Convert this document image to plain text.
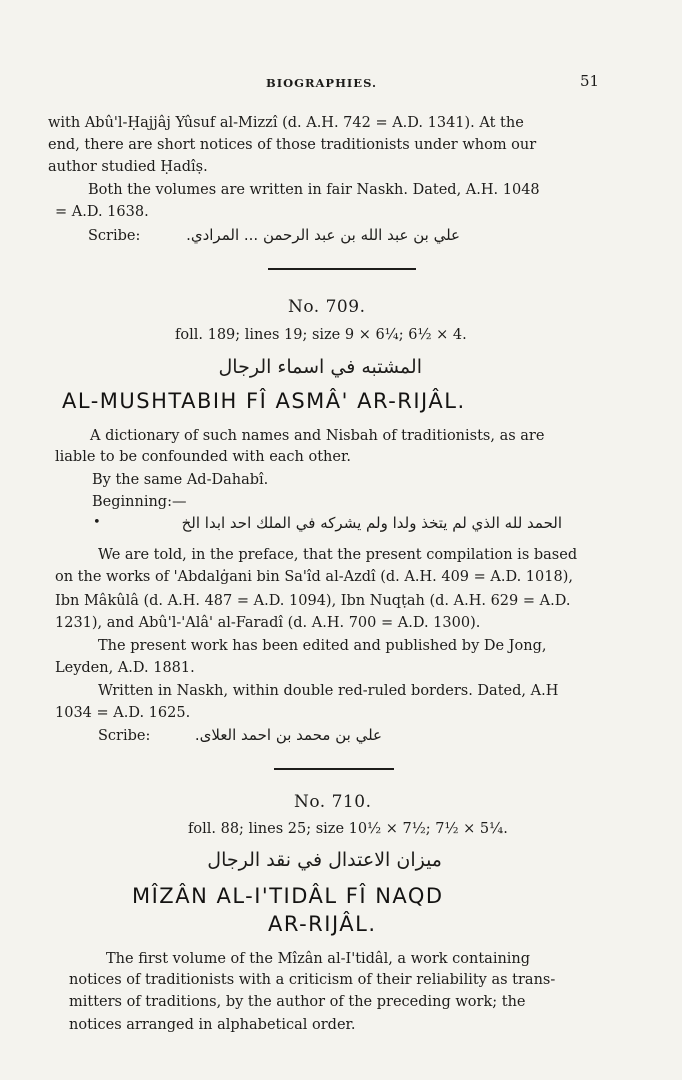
BIOGRAPHIES.	51
with Abû'l-Ḥajjâj Yûsuf al-Mizzî (d. A.H. 742 = A.D. 1341). At the
end, there are short notices of those traditionists under whom our
author studied Ḥadîṣ.
Both the volumes are written in fair Naskh. Dated, A.H. 1048
= A.D. 1638.
Scribe:	علي بن عبد الله بن عبد الرحمن ... المرادي.
No. 709.
foll. 189; lines 19; size 9 × 6¼; 6½ × 4.
المشتبه في اسماء الرجال
AL-MUSHTABIH FÎ ASMÂ' AR-RIJÂL.
A dictionary of such names and Nisbah of traditionists, as are
liable to be confounded with each other.
By the same Ad-Dahabî.
Beginning:—
الحمد لله الذي لم يتخذ ولدا ولم يشركه في الملك احد ابدا الخ
•
We are told, in the preface, that the present compilation is based
on the works of 'Abdalġani bin Sa'îd al-Azdî (d. A.H. 409 = A.D. 1018),
Ibn Mâkûlâ (d. A.H. 487 = A.D. 1094), Ibn Nuqṭah (d. A.H. 629 = A.D.
1231), and Abû'l-'Alâ' al-Faradî (d. A.H. 700 = A.D. 1300).
The present work has been edited and published by De Jong,
Leyden, A.D. 1881.
Written in Naskh, within double red-ruled borders. Dated, A.H
1034 = A.D. 1625.
Scribe:	علي بن محمد بن احمد العلاى.
No. 710.
foll. 88; lines 25; size 10½ × 7½; 7½ × 5¼.
ميزان الاعتدال في نقد الرجال
MÎZÂN AL-I'TIDÂL FÎ NAQD
AR-RIJÂL.
The first volume of the Mîzân al-I'tidâl, a work containing
notices of traditionists with a criticism of their reliability as trans-
mitters of traditions, by the author of the preceding work; the
notices arranged in alphabetical order.
